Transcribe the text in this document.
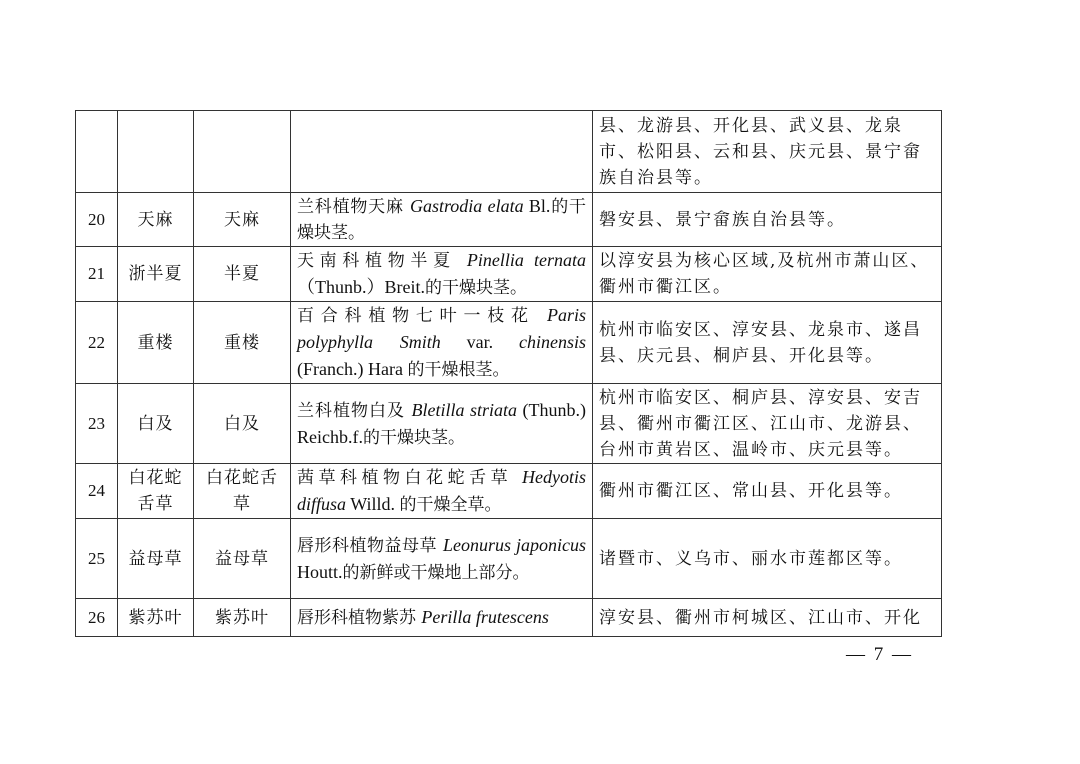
				县、龙游县、开化县、武义县、龙泉市、松阳县、云和县、庆元县、景宁畲族自治县等。
20	天麻	天麻	兰科植物天麻 Gastrodia elata Bl.的干燥块茎。	磐安县、景宁畲族自治县等。
21	浙半夏	半夏	天南科植物半夏 Pinellia ternata（Thunb.）Breit.的干燥块茎。	以淳安县为核心区域,及杭州市萧山区、衢州市衢江区。
22	重楼	重楼	百合科植物七叶一枝花 Paris polyphylla Smith var. chinensis (Franch.) Hara 的干燥根茎。	杭州市临安区、淳安县、龙泉市、遂昌县、庆元县、桐庐县、开化县等。
23	白及	白及	兰科植物白及 Bletilla striata (Thunb.) Reichb.f.的干燥块茎。	杭州市临安区、桐庐县、淳安县、安吉县、衢州市衢江区、江山市、龙游县、台州市黄岩区、温岭市、庆元县等。
24	白花蛇舌草	白花蛇舌草	茜草科植物白花蛇舌草 Hedyotis diffusa Willd. 的干燥全草。	衢州市衢江区、常山县、开化县等。
25	益母草	益母草	唇形科植物益母草 Leonurus japonicus Houtt.的新鲜或干燥地上部分。	诸暨市、义乌市、丽水市莲都区等。
26	紫苏叶	紫苏叶	唇形科植物紫苏 Perilla frutescens	淳安县、衢州市柯城区、江山市、开化
— 7 —
